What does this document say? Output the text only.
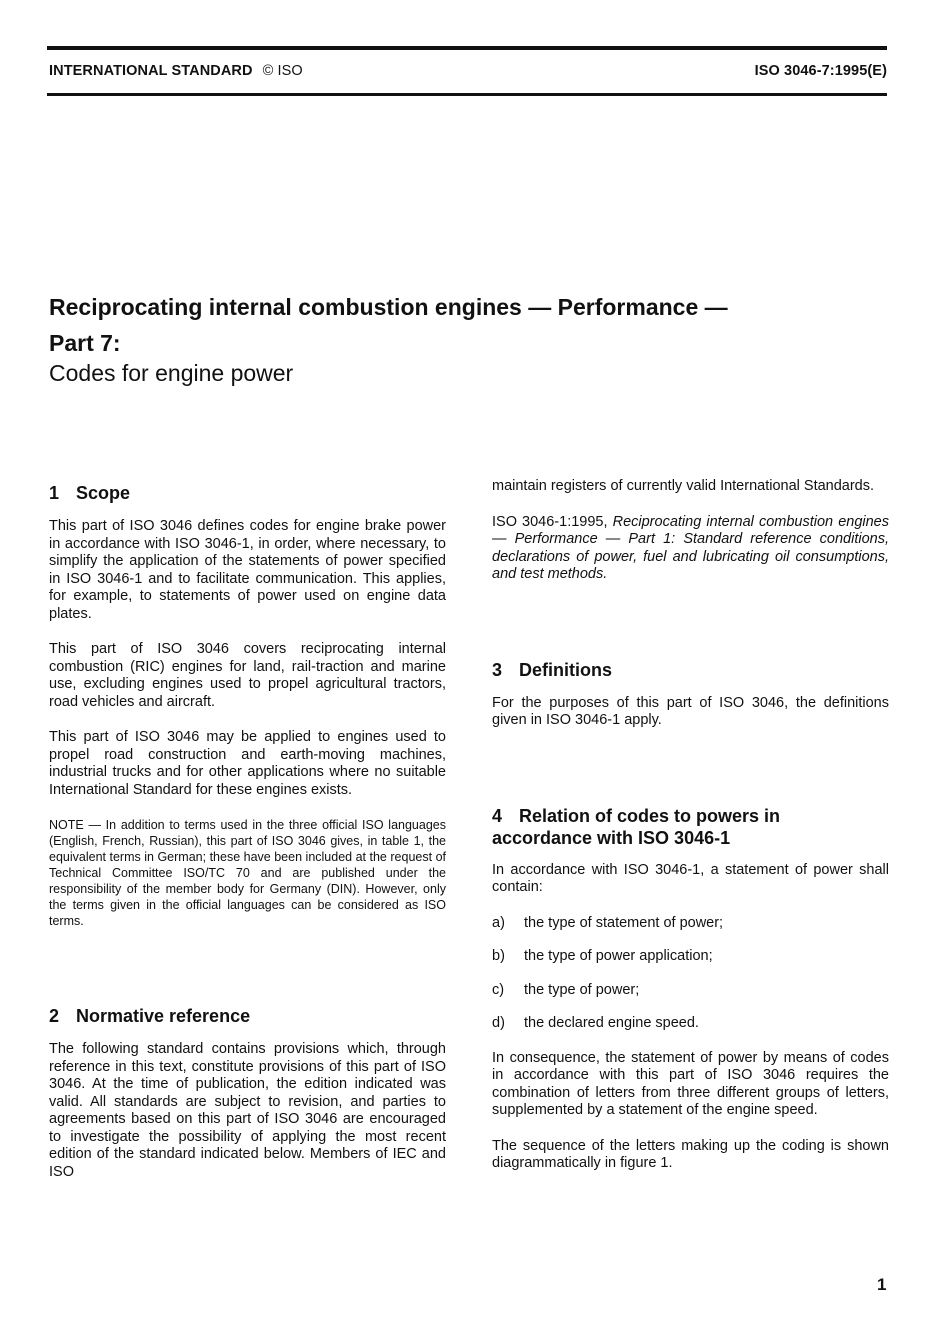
INTERNATIONAL STANDARD © ISO	ISO 3046-7:1995(E)
Reciprocating internal combustion engines — Performance —
Part 7:
Codes for engine power
1 Scope

This part of ISO 3046 defines codes for engine brake power in accordance with ISO 3046-1, in order, where necessary, to simplify the application of the statements of power specified in ISO 3046-1 and to facilitate communication. This applies, for example, to statements of power used on engine data plates.

This part of ISO 3046 covers reciprocating internal combustion (RIC) engines for land, rail-traction and marine use, excluding engines used to propel agricultural tractors, road vehicles and aircraft.

This part of ISO 3046 may be applied to engines used to propel road construction and earth-moving machines, industrial trucks and for other applications where no suitable International Standard for these engines exists.

NOTE — In addition to terms used in the three official ISO languages (English, French, Russian), this part of ISO 3046 gives, in table 1, the equivalent terms in German; these have been included at the request of Technical Committee ISO/TC 70 and are published under the responsibility of the member body for Germany (DIN). However, only the terms given in the official languages can be considered as ISO terms.

2 Normative reference

The following standard contains provisions which, through reference in this text, constitute provisions of this part of ISO 3046. At the time of publication, the edition indicated was valid. All standards are subject to revision, and parties to agreements based on this part of ISO 3046 are encouraged to investigate the possibility of applying the most recent edition of the standard indicated below. Members of IEC and ISO

maintain registers of currently valid International Standards.

ISO 3046-1:1995, Reciprocating internal combustion engines — Performance — Part 1: Standard reference conditions, declarations of power, fuel and lubricating oil consumptions, and test methods.

3 Definitions

For the purposes of this part of ISO 3046, the definitions given in ISO 3046-1 apply.

4 Relation of codes to powers in
accordance with ISO 3046-1

In accordance with ISO 3046-1, a statement of power shall contain:

a)	the type of statement of power;
b)	the type of power application;
c)	the type of power;
d)	the declared engine speed.

In consequence, the statement of power by means of codes in accordance with this part of ISO 3046 requires the combination of letters from three different groups of letters, supplemented by a statement of the engine speed.

The sequence of the letters making up the coding is shown diagrammatically in figure 1.

1
